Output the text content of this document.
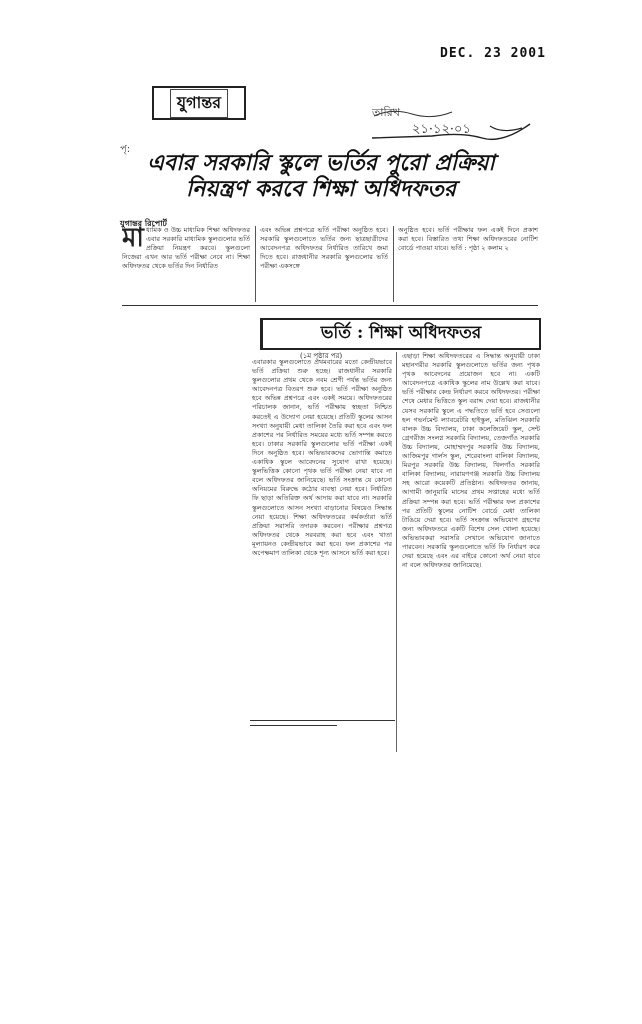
DEC. 23 2001
যুগান্তর
তারিখ
২১·১২·০১
পৃ:
এবার সরকারি স্কুলে ভর্তির পুরো প্রক্রিয়া
নিয়ন্ত্রণ করবে শিক্ষা অধিদফতর
যুগান্তর রিপোর্ট
মা ধ্যমিক ও উচ্চ মাধ্যমিক শিক্ষা অধিদফতর এবার সরকারি মাধ্যমিক স্কুলগুলোর ভর্তি প্রক্রিয়া নিয়ন্ত্রণ করবে। স্কুলগুলো নিজেরা এখন আর ভর্তি পরীক্ষা নেবে না। শিক্ষা অধিদফতর থেকে ভর্তির দিন নির্ধারিত
এবং অভিন্ন প্রশ্নপত্রে ভর্তি পরীক্ষা অনুষ্ঠিত হবে। সরকারি স্কুলগুলোতে ভর্তির জন্য ছাত্রছাত্রীদের আবেদনপত্র অধিদফতর নির্ধারিত তারিখে জমা দিতে হবে। রাজধানীর সরকারি স্কুলগুলোর ভর্তি পরীক্ষা একসঙ্গে
অনুষ্ঠিত হবে। ভর্তি পরীক্ষার ফল একই দিনে প্রকাশ করা হবে। বিস্তারিত তথ্য শিক্ষা অধিদফতরের নোটিশ বোর্ডে পাওয়া যাবে। ভর্তি : পৃষ্ঠা ২ কলাম ২
ভর্তি : শিক্ষা অধিদফতর
(১ম পৃষ্ঠার পর)
এবারকার স্কুলগুলোতে প্রথমবারের মতো কেন্দ্রীয়ভাবে ভর্তি প্রক্রিয়া শুরু হচ্ছে। রাজধানীর সরকারি স্কুলগুলোর প্রথম থেকে নবম শ্রেণী পর্যন্ত ভর্তির জন্য আবেদনপত্র বিতরণ শুরু হবে। ভর্তি পরীক্ষা অনুষ্ঠিত হবে অভিন্ন প্রশ্নপত্রে এবং একই সময়ে। অধিদফতরের পরিচালক জানান, ভর্তি পরীক্ষায় স্বচ্ছতা নিশ্চিত করতেই এ উদ্যোগ নেয়া হয়েছে। প্রতিটি স্কুলের আসন সংখ্যা অনুযায়ী মেধা তালিকা তৈরি করা হবে এবং ফল প্রকাশের পর নির্ধারিত সময়ের মধ্যে ভর্তি সম্পন্ন করতে হবে। ঢাকার সরকারি স্কুলগুলোর ভর্তি পরীক্ষা একই দিনে অনুষ্ঠিত হবে। অভিভাবকদের ভোগান্তি কমাতে একাধিক স্কুলে আবেদনের সুযোগ রাখা হয়েছে। স্কুলভিত্তিক কোনো পৃথক ভর্তি পরীক্ষা নেয়া যাবে না বলে অধিদফতর জানিয়েছে। ভর্তি সংক্রান্ত যে কোনো অনিয়মের বিরুদ্ধে কঠোর ব্যবস্থা নেয়া হবে। নির্ধারিত ফি ছাড়া অতিরিক্ত অর্থ আদায় করা যাবে না। সরকারি স্কুলগুলোতে আসন সংখ্যা বাড়ানোর বিষয়েও সিদ্ধান্ত নেয়া হয়েছে। শিক্ষা অধিদফতরের কর্মকর্তারা ভর্তি প্রক্রিয়া সরাসরি তদারক করবেন। পরীক্ষার প্রশ্নপত্র অধিদফতর থেকে সরবরাহ করা হবে এবং খাতা মূল্যায়নও কেন্দ্রীয়ভাবে করা হবে। ফল প্রকাশের পর অপেক্ষমাণ তালিকা থেকে শূন্য আসনে ভর্তি করা হবে।
এছাড়া শিক্ষা অধিদফতরের এ সিদ্ধান্ত অনুযায়ী ঢাকা মহানগরীর সরকারি স্কুলগুলোতে ভর্তির জন্য পৃথক পৃথক আবেদনের প্রয়োজন হবে না। একটি আবেদনপত্রে একাধিক স্কুলের নাম উল্লেখ করা যাবে। ভর্তি পরীক্ষার কেন্দ্র নির্ধারণ করবে অধিদফতর। পরীক্ষা শেষে মেধার ভিত্তিতে স্কুল বরাদ্দ দেয়া হবে। রাজধানীর যেসব সরকারি স্কুলে এ পদ্ধতিতে ভর্তি হবে সেগুলো হল গভর্নমেন্ট ল্যাবরেটরি হাইস্কুল, মতিঝিল সরকারি বালক উচ্চ বিদ্যালয়, ঢাকা কলেজিয়েট স্কুল, সেন্ট গ্রেগরীজ সংলগ্ন সরকারি বিদ্যালয়, তেজগাঁও সরকারি উচ্চ বিদ্যালয়, মোহাম্মদপুর সরকারি উচ্চ বিদ্যালয়, আজিমপুর গার্লস স্কুল, শেরেবাংলা বালিকা বিদ্যালয়, মিরপুর সরকারি উচ্চ বিদ্যালয়, খিলগাঁও সরকারি বালিকা বিদ্যালয়, নারায়ণগঞ্জ সরকারি উচ্চ বিদ্যালয় সহ আরো কয়েকটি প্রতিষ্ঠান। অধিদফতর জানায়, আগামী জানুয়ারি মাসের প্রথম সপ্তাহের মধ্যে ভর্তি প্রক্রিয়া সম্পন্ন করা হবে। ভর্তি পরীক্ষার ফল প্রকাশের পর প্রতিটি স্কুলের নোটিশ বোর্ডে মেধা তালিকা টাঙিয়ে দেয়া হবে। ভর্তি সংক্রান্ত অভিযোগ গ্রহণের জন্য অধিদফতরে একটি বিশেষ সেল খোলা হয়েছে। অভিভাবকরা সরাসরি সেখানে অভিযোগ জানাতে পারবেন। সরকারি স্কুলগুলোতে ভর্তি ফি নির্ধারণ করে দেয়া হয়েছে এবং এর বাইরে কোনো অর্থ নেয়া যাবে না বলে অধিদফতর জানিয়েছে।
